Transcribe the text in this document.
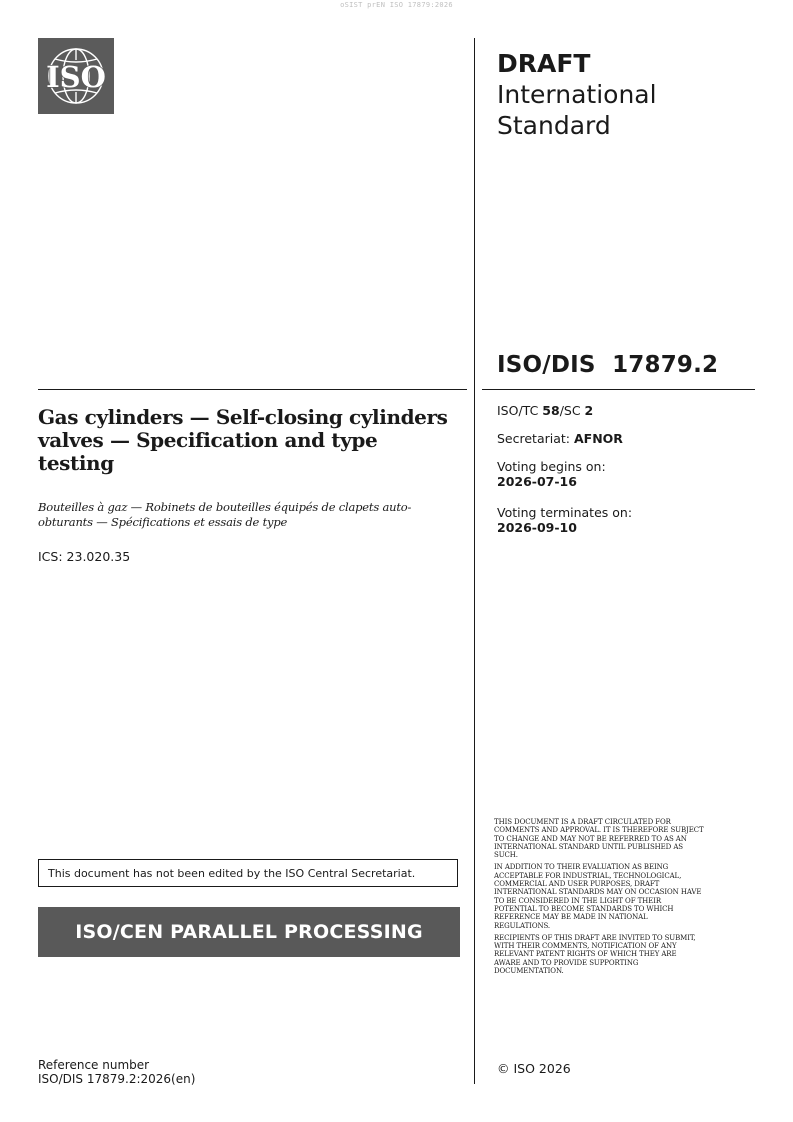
oSIST prEN ISO 17879:2026
ISO	DRAFT
International
Standard
ISO/DIS  17879.2
Gas cylinders — Self-closing cylinders valves — Specification and type testing
Bouteilles à gaz — Robinets de bouteilles équipés de clapets auto-obturants — Spécifications et essais de type
ICS: 23.020.35
ISO/TC 58/SC 2
Secretariat: AFNOR
Voting begins on:
2026-07-16
Voting terminates on:
2026-09-10

THIS DOCUMENT IS A DRAFT CIRCULATED FOR COMMENTS AND APPROVAL. IT IS THEREFORE SUBJECT TO CHANGE AND MAY NOT BE REFERRED TO AS AN INTERNATIONAL STANDARD UNTIL PUBLISHED AS SUCH.

IN ADDITION TO THEIR EVALUATION AS BEING ACCEPTABLE FOR INDUSTRIAL, TECHNOLOGICAL, COMMERCIAL AND USER PURPOSES, DRAFT INTERNATIONAL STANDARDS MAY ON OCCASION HAVE TO BE CONSIDERED IN THE LIGHT OF THEIR POTENTIAL TO BECOME STANDARDS TO WHICH REFERENCE MAY BE MADE IN NATIONAL REGULATIONS.

RECIPIENTS OF THIS DRAFT ARE INVITED TO SUBMIT, WITH THEIR COMMENTS, NOTIFICATION OF ANY RELEVANT PATENT RIGHTS OF WHICH THEY ARE AWARE AND TO PROVIDE SUPPORTING DOCUMENTATION.

This document has not been edited by the ISO Central Secretariat.
ISO/CEN PARALLEL PROCESSING
Reference number
ISO/DIS 17879.2:2026(en)
© ISO 2026
